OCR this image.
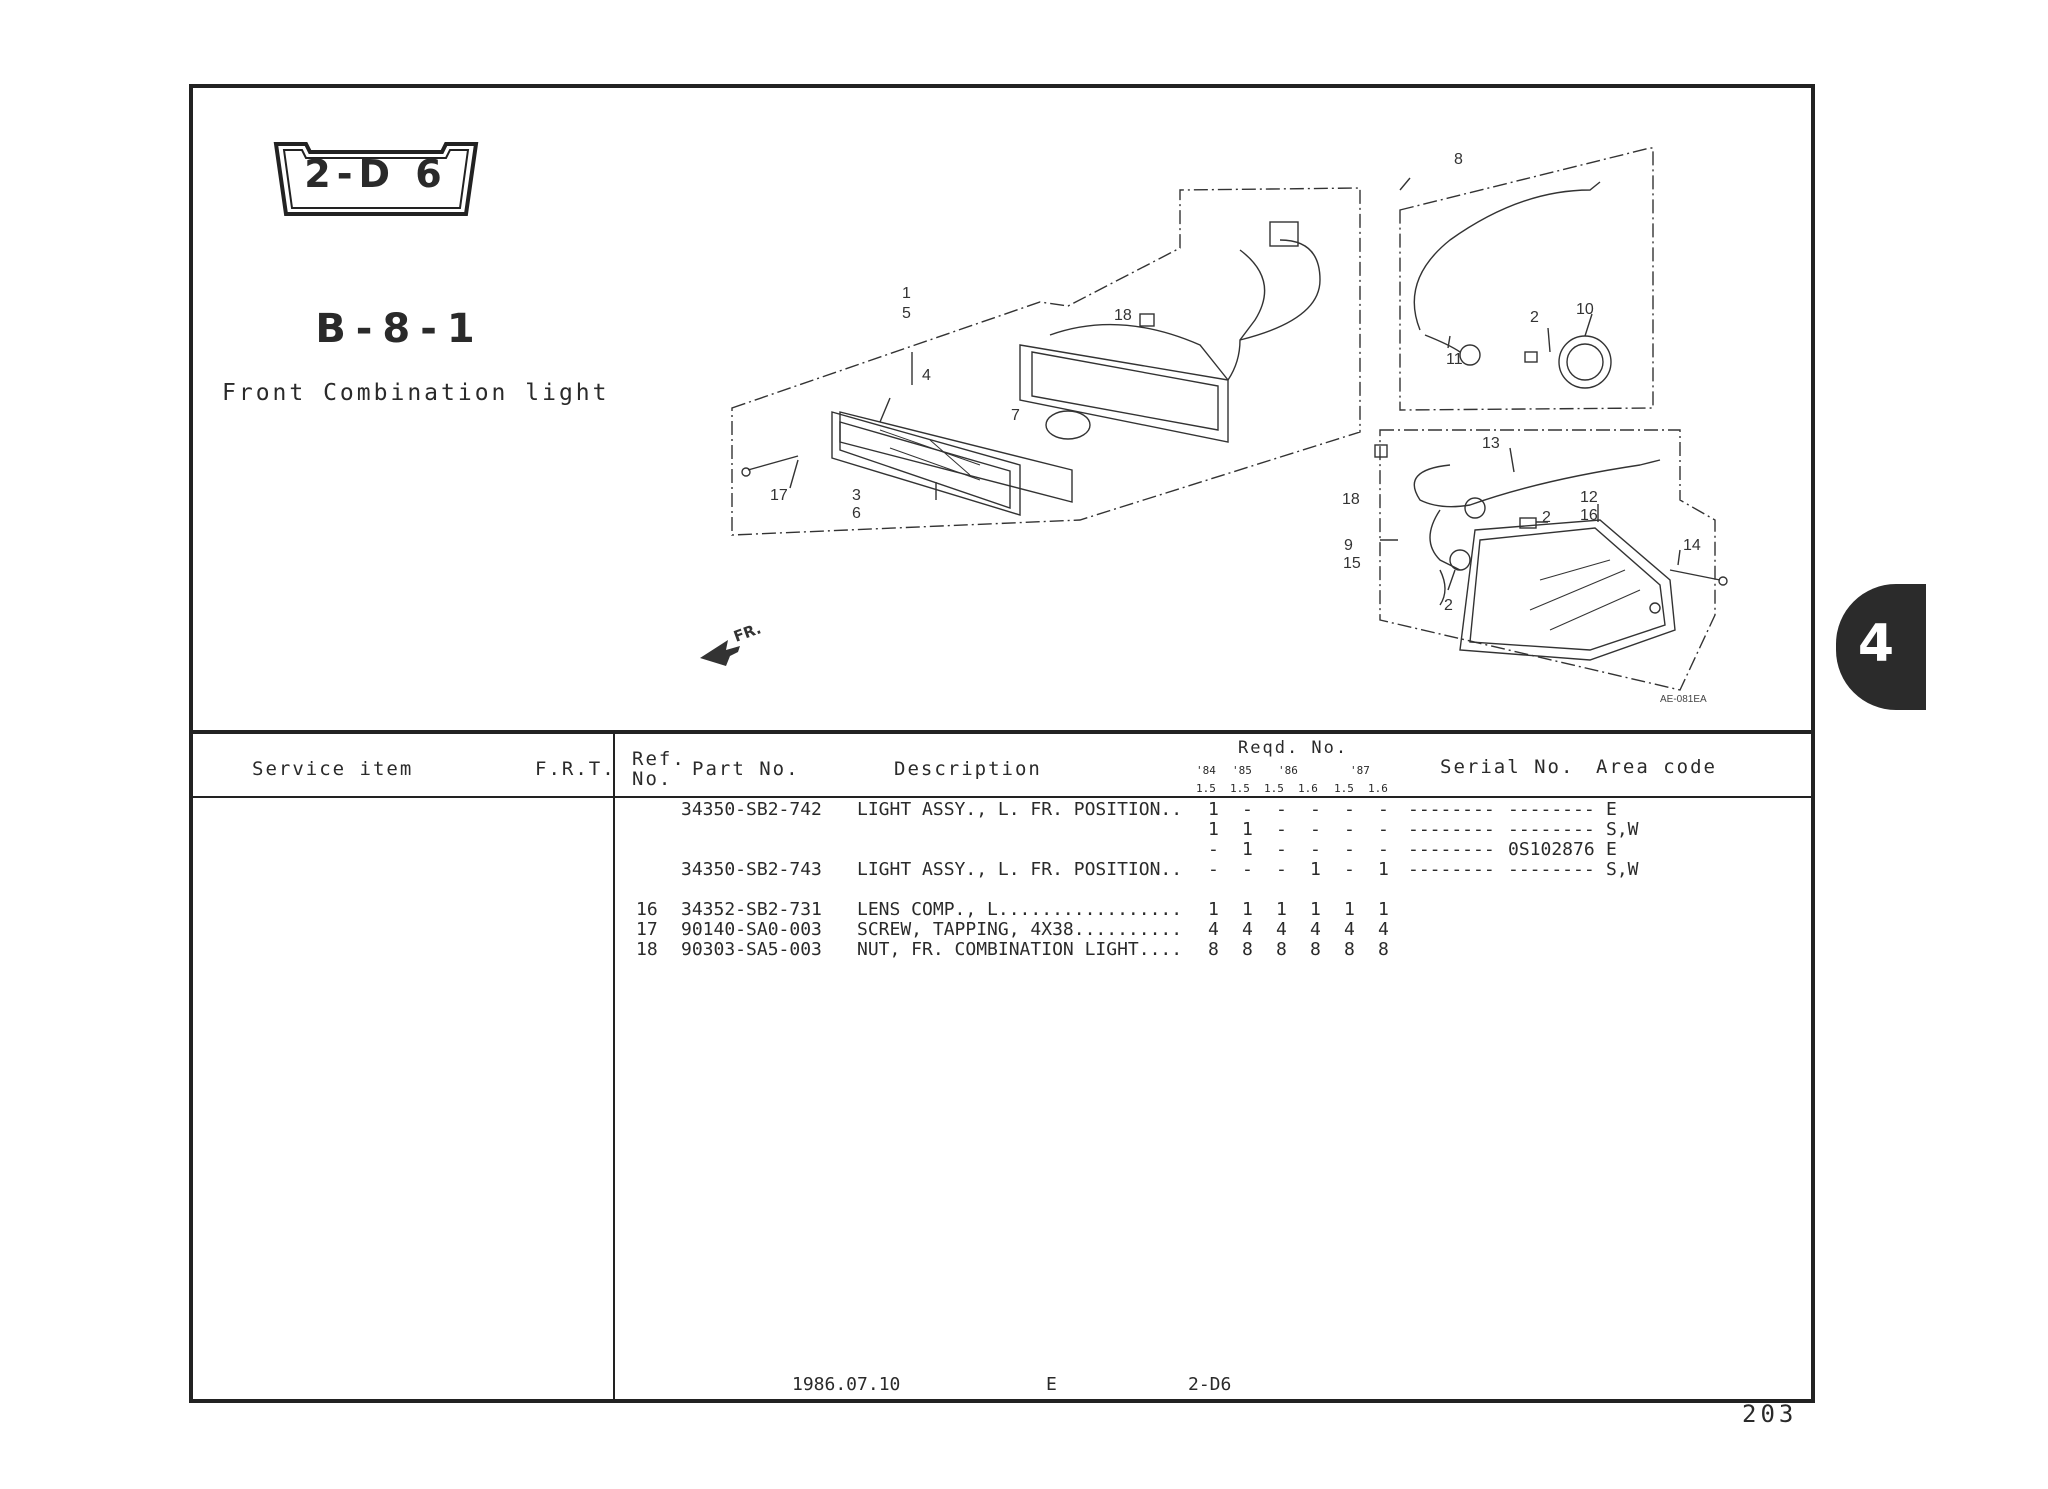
4
2-D 6
B-8-1
Front Combination light
FR.
1
5
4
7
17	3
6
18
8
2 10
11
13
12
16
9
15
14
18
2
2
AE-081EA
Service item	F.R.T. Ref.
No. Part No.	Description
Reqd. No.
'84 '85 '86	'87
1.5 1.5 1.5 1.6 1.5 1.6
Serial No. Area code
34350-SB2-742 LIGHT ASSY., L. FR. POSITION.. 1 - - - - - -------- -------- E
1 1 - - - - -------- -------- S,W
- 1 - - - - -------- 0S102876 E
34350-SB2-743 LIGHT ASSY., L. FR. POSITION.. - - - 1 - 1 -------- -------- S,W
16 34352-SB2-731 LENS COMP., L................. 1 1 1 1 1 1
17 90140-SA0-003 SCREW, TAPPING, 4X38.......... 4 4 4 4 4 4
18 90303-SA5-003 NUT, FR. COMBINATION LIGHT.... 8 8 8 8 8 8
1986.07.10	E	2-D6
203
